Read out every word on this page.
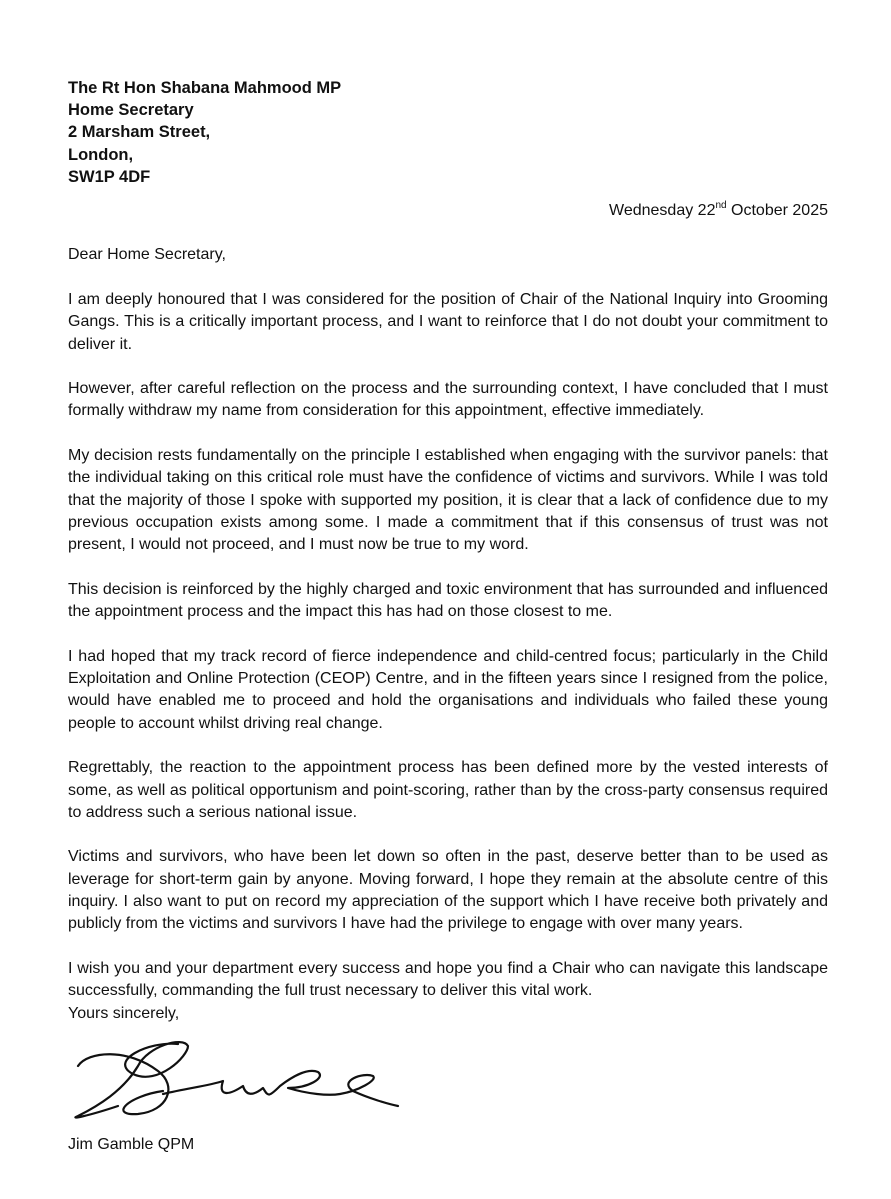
The Rt Hon Shabana Mahmood MP
Home Secretary
2 Marsham Street,
London,
SW1P 4DF
Wednesday 22nd October 2025
Dear Home Secretary,

I am deeply honoured that I was considered for the position of Chair of the National Inquiry into Grooming Gangs. This is a critically important process, and I want to reinforce that I do not doubt your commitment to deliver it.

However, after careful reflection on the process and the surrounding context, I have concluded that I must formally withdraw my name from consideration for this appointment, effective immediately.

My decision rests fundamentally on the principle I established when engaging with the survivor panels: that the individual taking on this critical role must have the confidence of victims and survivors. While I was told that the majority of those I spoke with supported my position, it is clear that a lack of confidence due to my previous occupation exists among some. I made a commitment that if this consensus of trust was not present, I would not proceed, and I must now be true to my word.

This decision is reinforced by the highly charged and toxic environment that has surrounded and influenced the appointment process and the impact this has had on those closest to me.

I had hoped that my track record of fierce independence and child-centred focus; particularly in the Child Exploitation and Online Protection (CEOP) Centre, and in the fifteen years since I resigned from the police, would have enabled me to proceed and hold the organisations and individuals who failed these young people to account whilst driving real change.

Regrettably, the reaction to the appointment process has been defined more by the vested interests of some, as well as political opportunism and point-scoring, rather than by the cross-party consensus required to address such a serious national issue.

Victims and survivors, who have been let down so often in the past, deserve better than to be used as leverage for short-term gain by anyone. Moving forward, I hope they remain at the absolute centre of this inquiry. I also want to put on record my appreciation of the support which I have receive both privately and publicly from the victims and survivors I have had the privilege to engage with over many years.

I wish you and your department every success and hope you find a Chair who can navigate this landscape successfully, commanding the full trust necessary to deliver this vital work.

Yours sincerely,
Jim Gamble QPM
